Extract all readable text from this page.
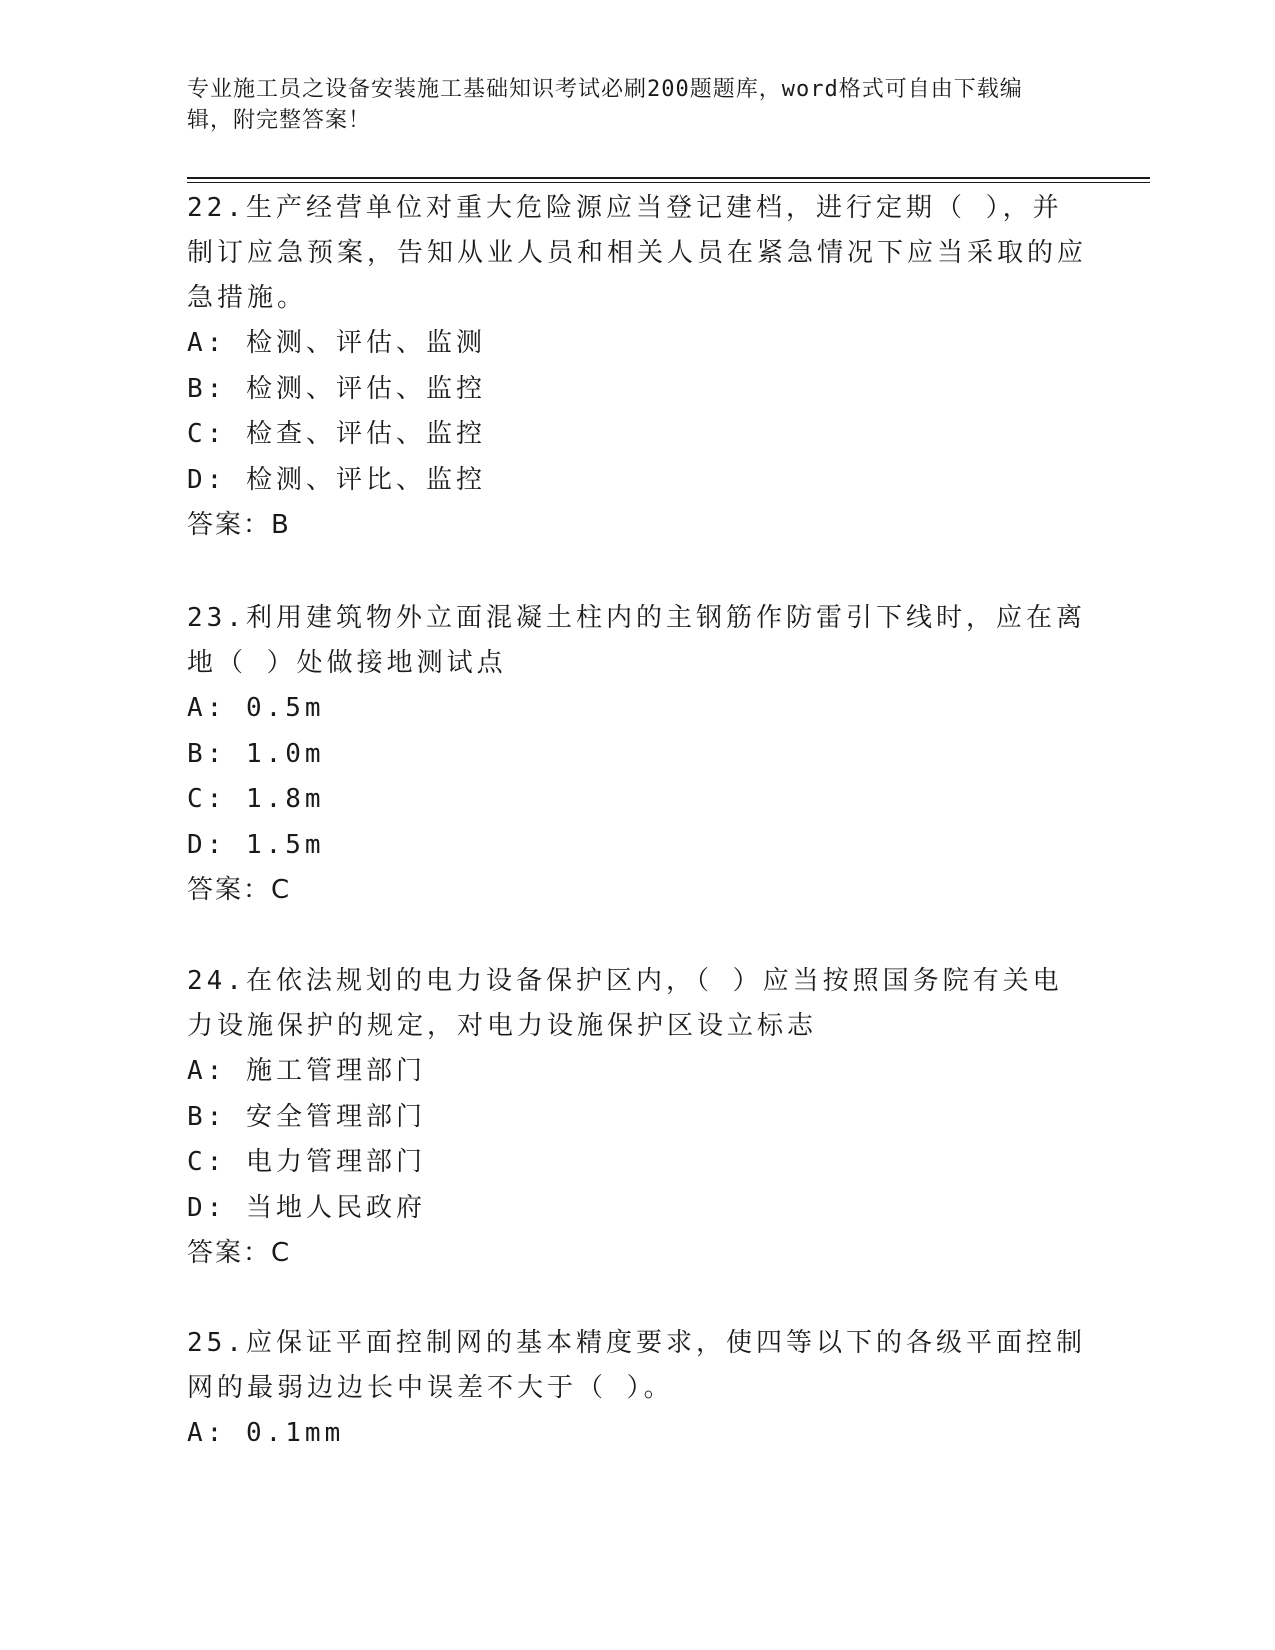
专业施工员之设备安装施工基础知识考试必刷200题题库，word格式可自由下载编辑，附完整答案！

22.生产经营单位对重大危险源应当登记建档，进行定期（ ），并制订应急预案，告知从业人员和相关人员在紧急情况下应当采取的应急措施。

A: 检测、评估、监测

B: 检测、评估、监控

C: 检查、评估、监控

D: 检测、评比、监控

答案：B

23.利用建筑物外立面混凝土柱内的主钢筋作防雷引下线时，应在离地（ ）处做接地测试点

A: 0.5m

B: 1.0m

C: 1.8m

D: 1.5m

答案：C

24.在依法规划的电力设备保护区内，（ ）应当按照国务院有关电力设施保护的规定，对电力设施保护区设立标志

A: 施工管理部门

B: 安全管理部门

C: 电力管理部门

D: 当地人民政府

答案：C

25.应保证平面控制网的基本精度要求，使四等以下的各级平面控制网的最弱边边长中误差不大于（ ）。

A: 0.1mm
